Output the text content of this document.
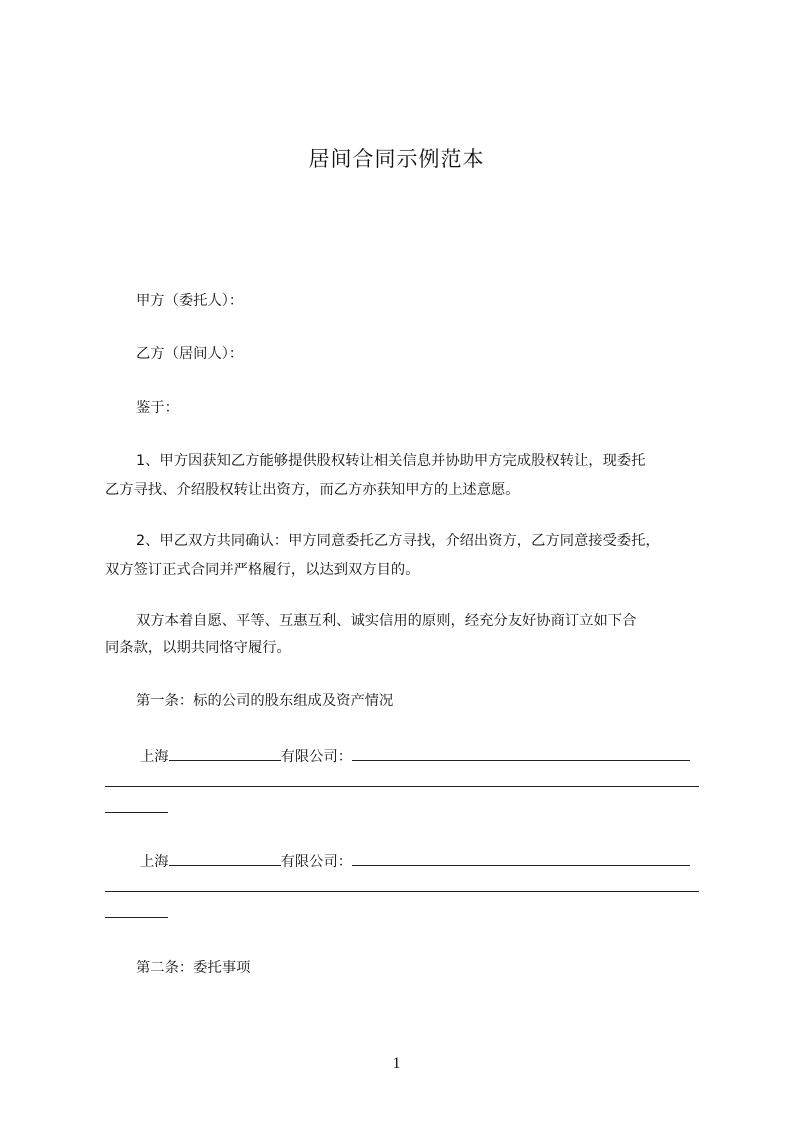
居间合同示例范本
甲方（委托人）：
乙方（居间人）：
鉴于：
1、甲方因获知乙方能够提供股权转让相关信息并协助甲方完成股权转让，现委托
乙方寻找、介绍股权转让出资方，而乙方亦获知甲方的上述意愿。
2、甲乙双方共同确认：甲方同意委托乙方寻找，介绍出资方，乙方同意接受委托，
双方签订正式合同并严格履行，以达到双方目的。
双方本着自愿、平等、互惠互利、诚实信用的原则，经充分友好协商订立如下合
同条款，以期共同恪守履行。
第一条：标的公司的股东组成及资产情况
上海	有限公司：
上海	有限公司：
第二条：委托事项
1
